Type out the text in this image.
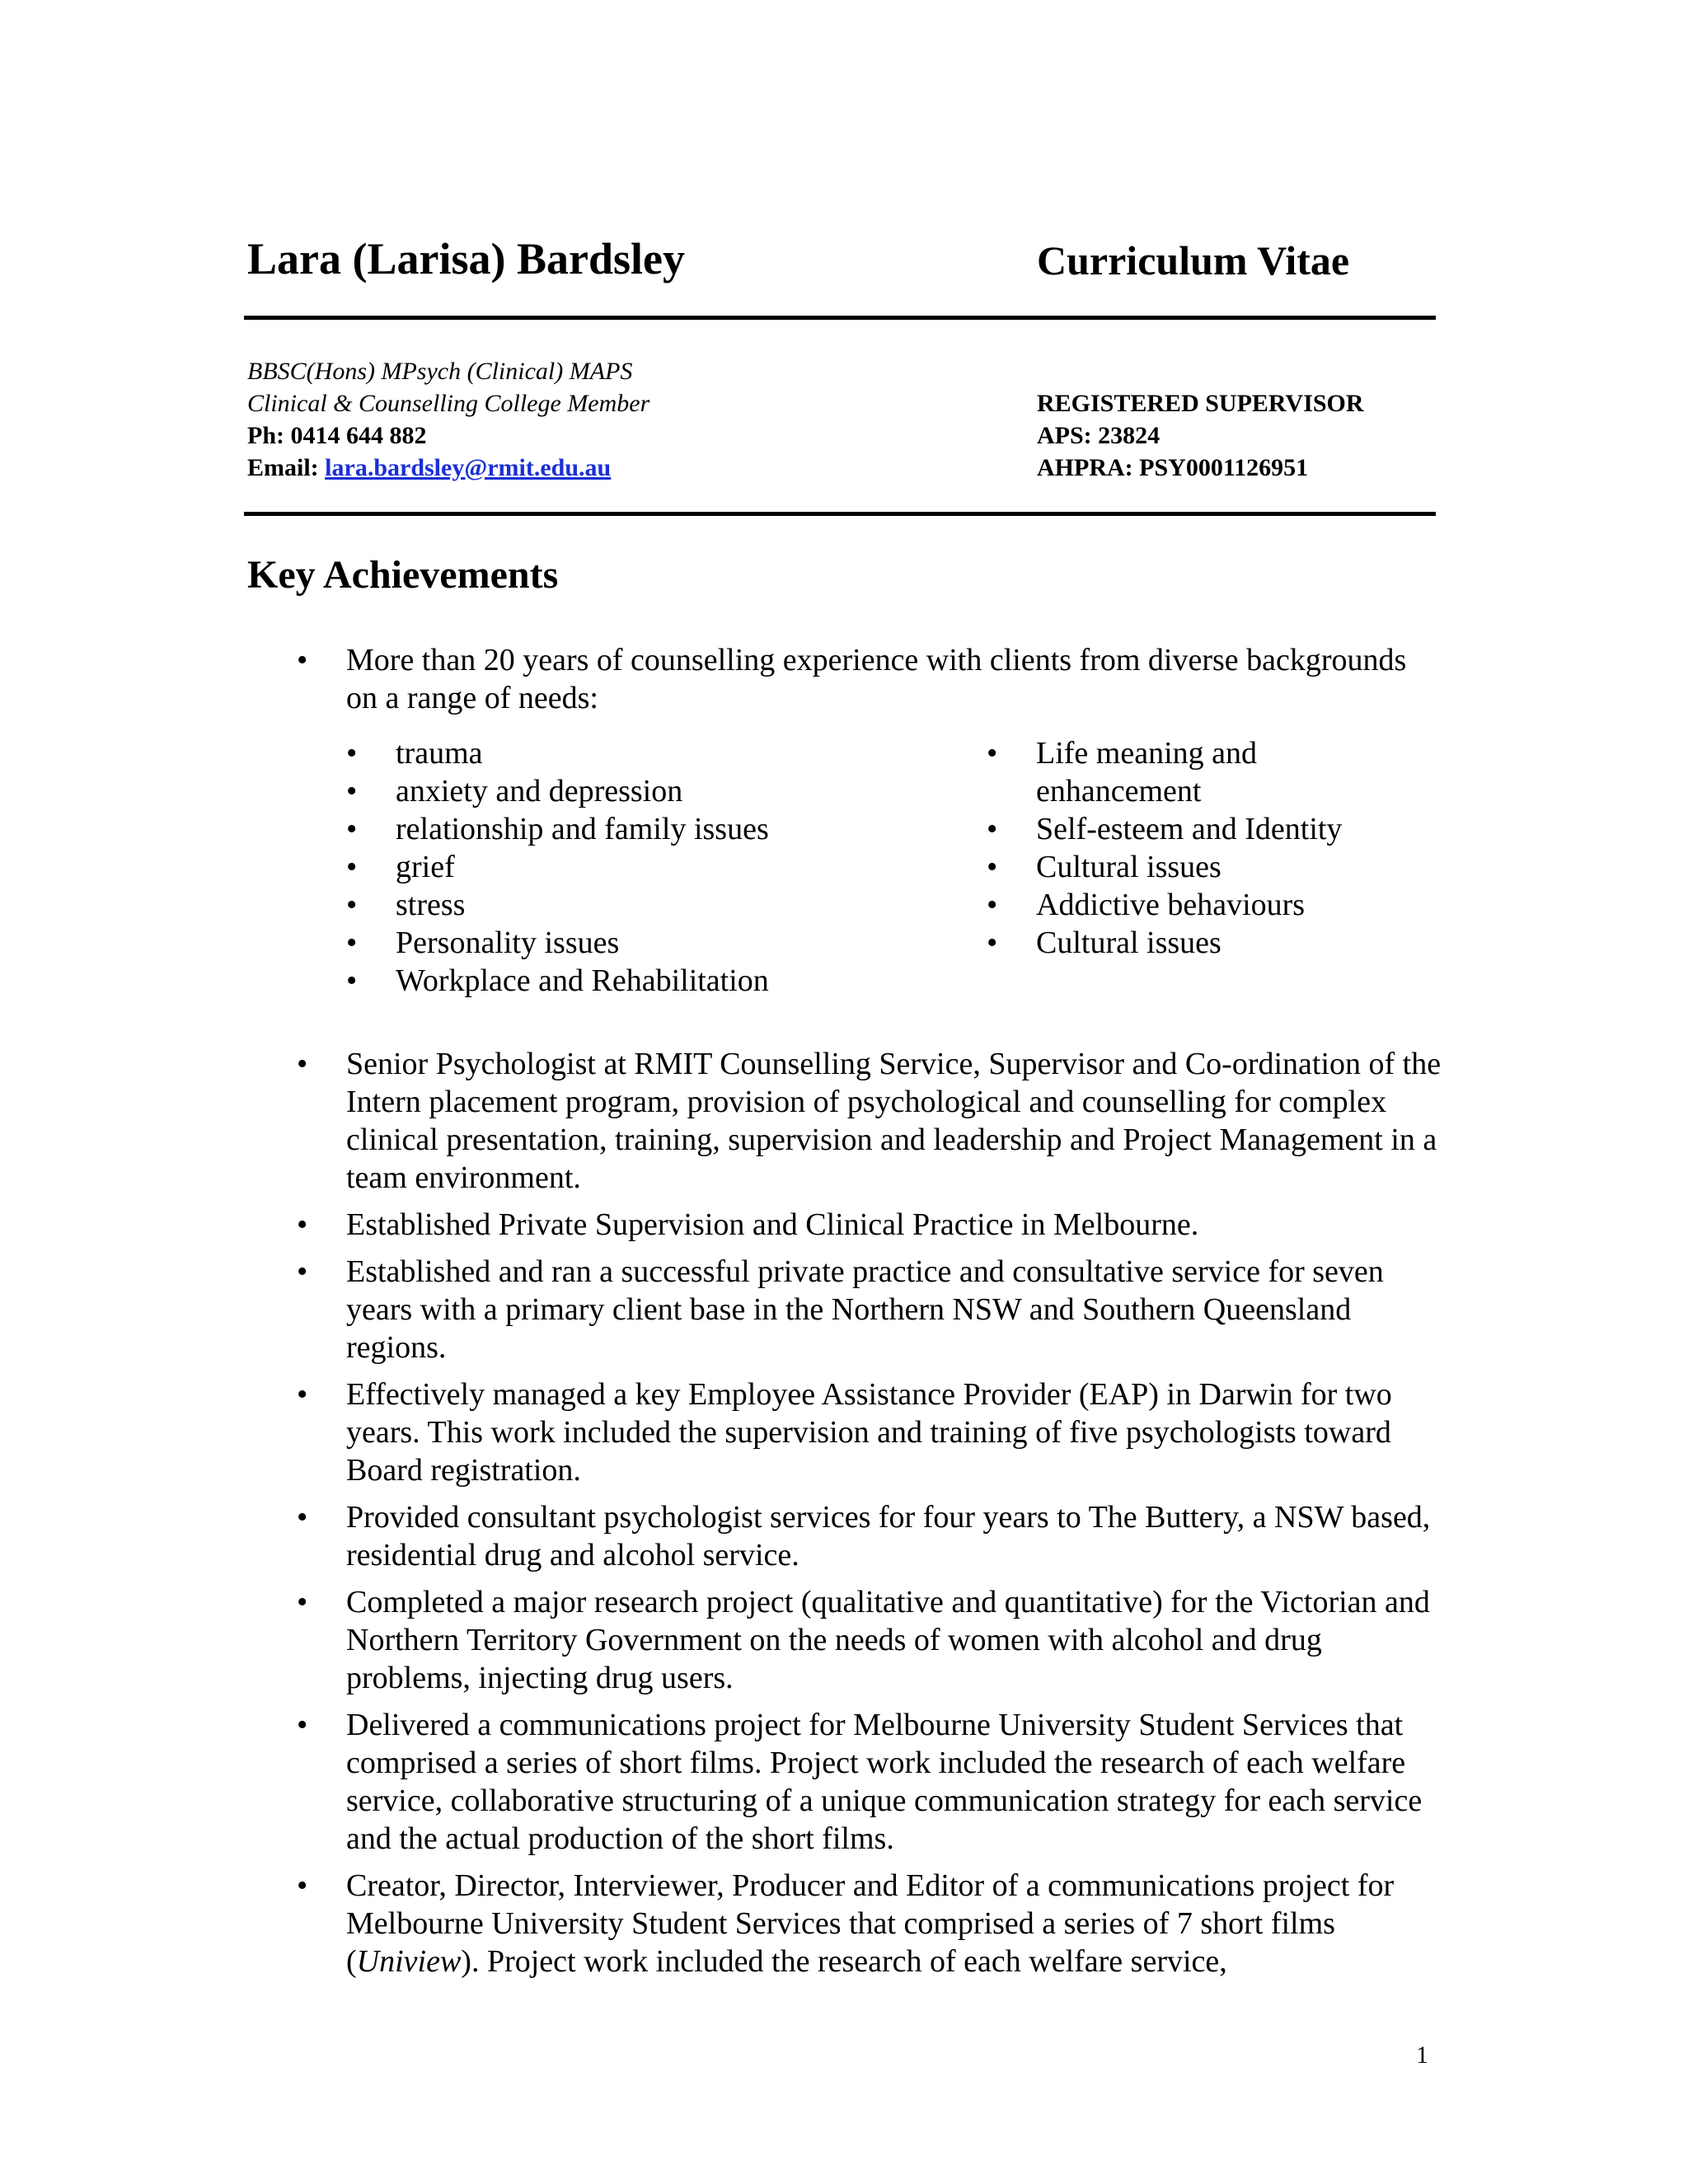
Lara (Larisa) Bardsley	Curriculum Vitae
BBSC(Hons) MPsych (Clinical) MAPS
Clinical & Counselling College Member
Ph: 0414 644 882
Email: lara.bardsley@rmit.edu.au
REGISTERED SUPERVISOR
APS: 23824
AHPRA: PSY0001126951
Key Achievements
•	More than 20 years of counselling experience with clients from diverse backgrounds on a range of needs:
•	trauma
•	anxiety and depression
•	relationship and family issues
•	grief
•	stress
•	Personality issues
•	Workplace and Rehabilitation
•	Life meaning and enhancement
•	Self-esteem and Identity
•	Cultural issues
•	Addictive behaviours
•	Cultural issues
•	Senior Psychologist at RMIT Counselling Service, Supervisor and Co-ordination of the Intern placement program, provision of psychological and counselling for complex clinical presentation, training, supervision and leadership and Project Management in a team environment.
•	Established Private Supervision and Clinical Practice in Melbourne.
•	Established and ran a successful private practice and consultative service for seven years with a primary client base in the Northern NSW and Southern Queensland regions.
•	Effectively managed a key Employee Assistance Provider (EAP) in Darwin for two years. This work included the supervision and training of five psychologists toward Board registration.
•	Provided consultant psychologist services for four years to The Buttery, a NSW based, residential drug and alcohol service.
•	Completed a major research project (qualitative and quantitative) for the Victorian and Northern Territory Government on the needs of women with alcohol and drug problems, injecting drug users.
•	Delivered a communications project for Melbourne University Student Services that comprised a series of short films. Project work included the research of each welfare service, collaborative structuring of a unique communication strategy for each service and the actual production of the short films.
•	Creator, Director, Interviewer, Producer and Editor of a communications project for Melbourne University Student Services that comprised a series of 7 short films (Uniview). Project work included the research of each welfare service,
1
